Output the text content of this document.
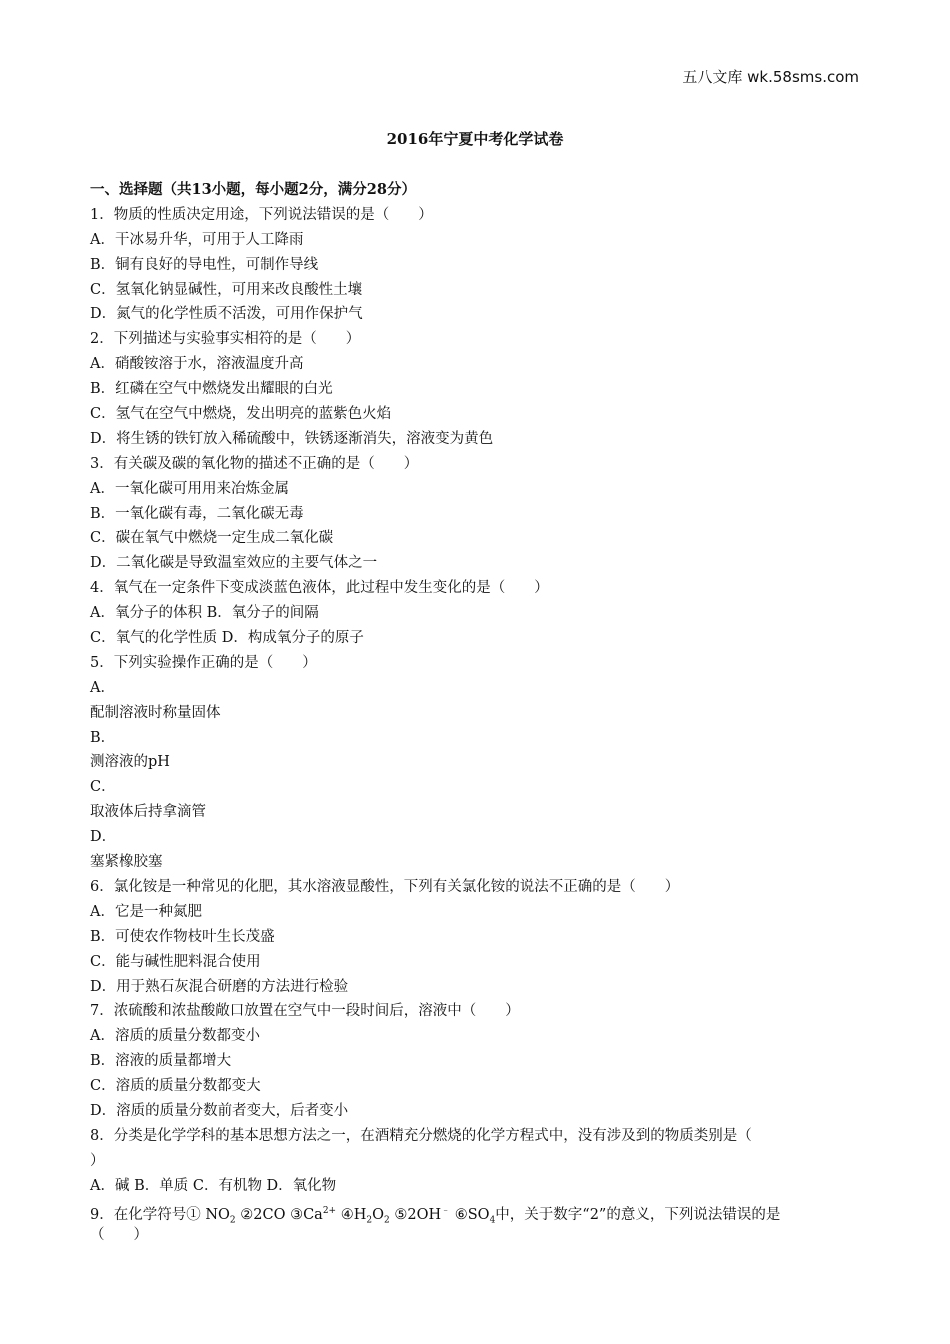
五八文库 wk.58sms.com
2016年宁夏中考化学试卷
一、选择题（共13小题，每小题2分，满分28分）
1．物质的性质决定用途，下列说法错误的是（　　）
A．干冰易升华，可用于人工降雨
B．铜有良好的导电性，可制作导线
C．氢氧化钠显碱性，可用来改良酸性土壤
D．氮气的化学性质不活泼，可用作保护气
2．下列描述与实验事实相符的是（　　）
A．硝酸铵溶于水，溶液温度升高
B．红磷在空气中燃烧发出耀眼的白光
C．氢气在空气中燃烧，发出明亮的蓝紫色火焰
D．将生锈的铁钉放入稀硫酸中，铁锈逐渐消失，溶液变为黄色
3．有关碳及碳的氧化物的描述不正确的是（　　）
A．一氧化碳可用用来冶炼金属
B．一氧化碳有毒，二氧化碳无毒
C．碳在氧气中燃烧一定生成二氧化碳
D．二氧化碳是导致温室效应的主要气体之一
4．氧气在一定条件下变成淡蓝色液体，此过程中发生变化的是（　　）
A．氧分子的体积 B．氧分子的间隔
C．氧气的化学性质 D．构成氧分子的原子
5．下列实验操作正确的是（　　）
A．
配制溶液时称量固体
B．
测溶液的pH
C．
取液体后持拿滴管
D．
塞紧橡胶塞
6．氯化铵是一种常见的化肥，其水溶液显酸性，下列有关氯化铵的说法不正确的是（　　）
A．它是一种氮肥
B．可使农作物枝叶生长茂盛
C．能与碱性肥料混合使用
D．用于熟石灰混合研磨的方法进行检验
7．浓硫酸和浓盐酸敞口放置在空气中一段时间后，溶液中（　　）
A．溶质的质量分数都变小
B．溶液的质量都增大
C．溶质的质量分数都变大
D．溶质的质量分数前者变大，后者变小
8．分类是化学学科的基本思想方法之一，在酒精充分燃烧的化学方程式中，没有涉及到的物质类别是（
）
A．碱 B．单质 C．有机物 D．氧化物
9．在化学符号① $NO_2$ ②2CO $③Ca^{2+}$ $④H_2O_2$ ⑤2OH﹣ $⑥SO_4$中，关于数字“2”的意义，下列说法错误的是
（　　）
